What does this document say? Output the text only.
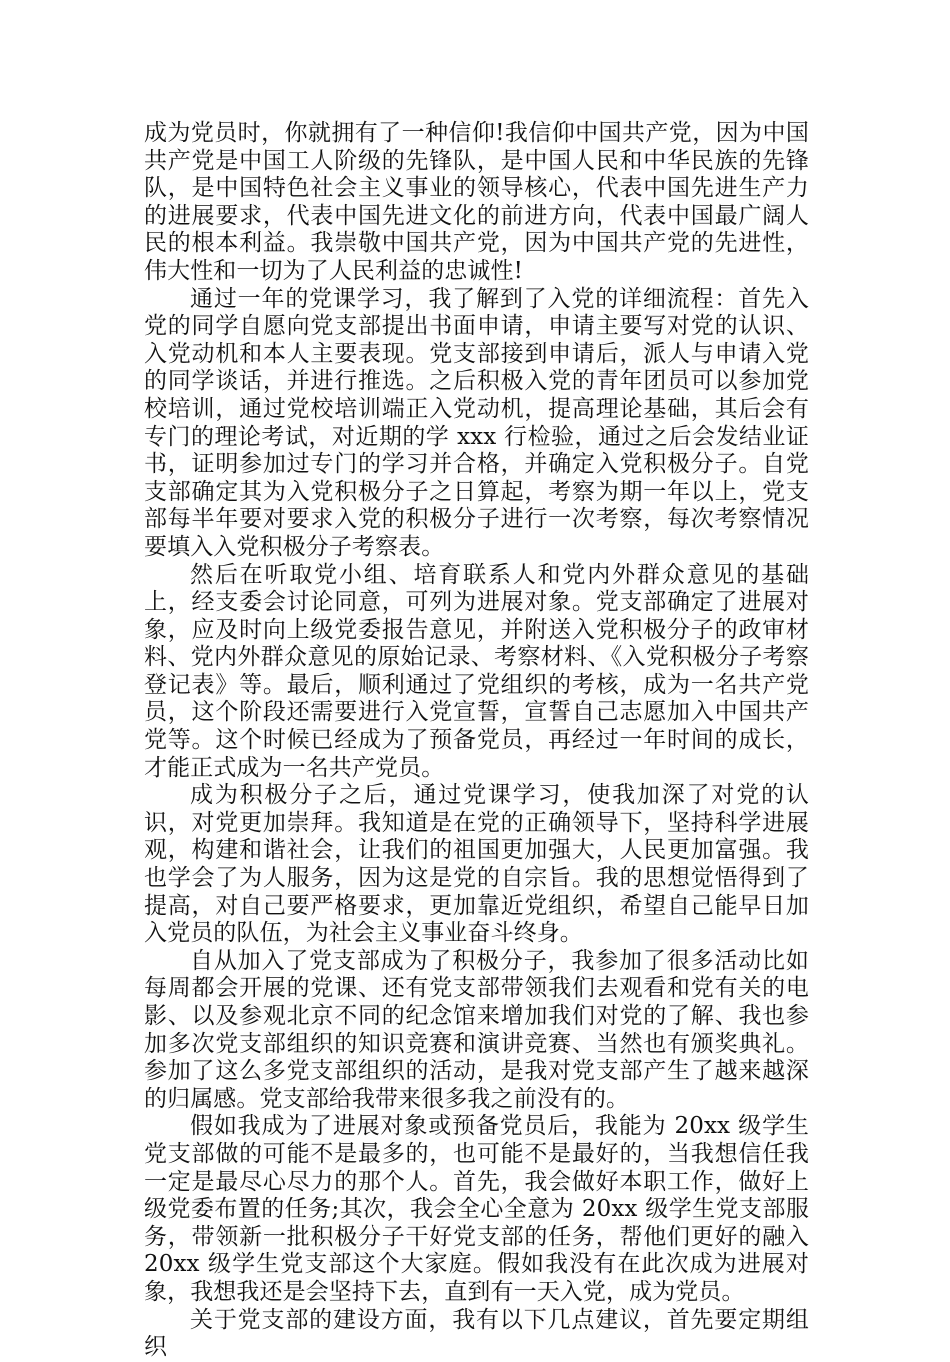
成为党员时，你就拥有了一种信仰!我信仰中国共产党，因为中国共产党是中国工人阶级的先锋队，是中国人民和中华民族的先锋队，是中国特色社会主义事业的领导核心，代表中国先进生产力的进展要求，代表中国先进文化的前进方向，代表中国最广阔人民的根本利益。我崇敬中国共产党，因为中国共产党的先进性，伟大性和一切为了人民利益的忠诚性!

通过一年的党课学习，我了解到了入党的详细流程：首先入党的同学自愿向党支部提出书面申请，申请主要写对党的认识、入党动机和本人主要表现。党支部接到申请后，派人与申请入党的同学谈话，并进行推选。之后积极入党的青年团员可以参加党校培训，通过党校培训端正入党动机，提高理论基础，其后会有专门的理论考试，对近期的学 xxx 行检验，通过之后会发结业证书，证明参加过专门的学习并合格，并确定入党积极分子。自党支部确定其为入党积极分子之日算起，考察为期一年以上，党支部每半年要对要求入党的积极分子进行一次考察，每次考察情况要填入入党积极分子考察表。

然后在听取党小组、培育联系人和党内外群众意见的基础上，经支委会讨论同意，可列为进展对象。党支部确定了进展对象，应及时向上级党委报告意见，并附送入党积极分子的政审材料、党内外群众意见的原始记录、考察材料、《入党积极分子考察登记表》等。最后，顺利通过了党组织的考核，成为一名共产党员，这个阶段还需要进行入党宣誓，宣誓自己志愿加入中国共产党等。这个时候已经成为了预备党员，再经过一年时间的成长，才能正式成为一名共产党员。

成为积极分子之后，通过党课学习，使我加深了对党的认识，对党更加崇拜。我知道是在党的正确领导下，坚持科学进展观，构建和谐社会，让我们的祖国更加强大，人民更加富强。我也学会了为人服务，因为这是党的自宗旨。我的思想觉悟得到了提高，对自己要严格要求，更加靠近党组织，希望自己能早日加入党员的队伍，为社会主义事业奋斗终身。

自从加入了党支部成为了积极分子，我参加了很多活动比如每周都会开展的党课、还有党支部带领我们去观看和党有关的电影、以及参观北京不同的纪念馆来增加我们对党的了解、我也参加多次党支部组织的知识竞赛和演讲竞赛、当然也有颁奖典礼。参加了这么多党支部组织的活动，是我对党支部产生了越来越深的归属感。党支部给我带来很多我之前没有的。

假如我成为了进展对象或预备党员后，我能为 20xx 级学生党支部做的可能不是最多的，也可能不是最好的，当我想信任我一定是最尽心尽力的那个人。首先，我会做好本职工作，做好上级党委布置的任务;其次，我会全心全意为 20xx 级学生党支部服务，带领新一批积极分子干好党支部的任务，帮他们更好的融入 20xx 级学生党支部这个大家庭。假如我没有在此次成为进展对象，我想我还是会坚持下去，直到有一天入党，成为党员。

关于党支部的建设方面，我有以下几点建议，首先要定期组织
